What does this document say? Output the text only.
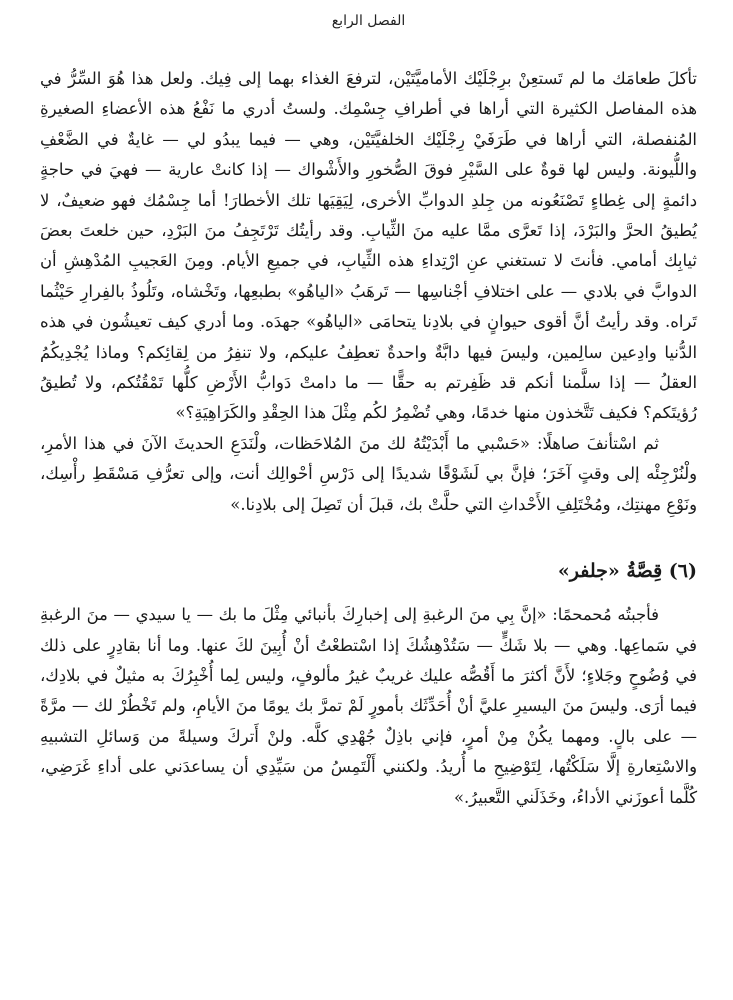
الفصل الرابع

تأكلَ طعامَك ما لم تَستعِنْ برِجْلَيْك الأماميَّتَيْن، لترفعَ الغذاء بهما إلى فِيك. ولعل هذا هُوَ السِّرُّ في هذه المفاصل الكثيرة التي أراها في أطرافِ جِسْمِك. ولستُ أدري ما نَفْعُ هذه الأعضاءِ الصغيرةِ المُنفصلة، التي أراها في طَرَفَيْ رِجْلَيْك الخلفيَّتَيْن، وهي — فيما يبدُو لي — غايةٌ في الضَّعْفِ واللُّيونة. وليس لها قوةٌ على السَّيْرِ فوقَ الصُّخورِ والأَشْواك — إذا كانتْ عارية — فهيَ في حاجةٍ دائمةٍ إلى غِطاءٍ تَصْنَعُونه من جِلدِ الدوابِّ الأخرى، لِيَقِيَها تلك الأخطارَ! أما جِسْمُك فهو ضعيفٌ، لا يُطيقُ الحرَّ والبَرْدَ، إذا تَعرَّى ممَّا عليه منَ الثِّيابِ. وقد رأيتُك تَرْتَجِفُ منَ البَرْدِ، حين خلعتَ بعضَ ثيابِك أمامي. فأنتَ لا تستغني عنِ ارْتِداءِ هذه الثِّيابِ، في جميعِ الأيام. ومِنَ العَجيبِ المُدْهِشِ أن الدوابَّ في بلادي — على اختلافِ أجْناسِها — تَرهَبُ «الياهُو» بطبعِها، وتَخْشاه، وتَلُوذُ بالفِرارِ حَيْثُما تَراه. وقد رأيتُ أنَّ أقوى حيوانٍ في بلادِنا يتحامَى «الياهُو» جهدَه. وما أدري كيف تعيشُون في هذه الدُّنيا وادِعين سالِمين، وليسَ فيها دابَّةٌ واحدةٌ تعطِفُ عليكم، ولا تنفِرُ من لِقائِكم؟ وماذا يُجْدِيكُمُ العقلُ — إذا سلَّمنا أنكم قد ظَفِرتم به حقًّا — ما دامتْ دَوابُّ الأَرْضِ كلُّها تَمْقُتُكم، ولا تُطيقُ رُؤيتَكم؟ فكيف تَتَّخذون منها خدمًا، وهي تُضْمِرُ لكُم مِثْلَ هذا الحِقْدِ والكَرَاهِيَةِ؟»

ثم اسْتأنفَ صاهلًا: «حَسْبي ما أَبْدَيْتُهُ لك منَ المُلاحَظات، ولْنَدَعِ الحديثَ الآنَ في هذا الأمرِ، ولْنُرْجِئْه إلى وقتٍ آخَرَ؛ فإنَّ بي لَشَوْقًا شديدًا إلى دَرْسِ أحْوالِك أنت، وإلى تعرُّفِ مَسْقَطِ رأْسِك، ونَوْعِ مهنتِك، ومُخْتَلِفِ الأَحْداثِ التي حلَّتْ بك، قبلَ أن تَصِلَ إلى بلادِنا.»

(٦) قِصَّةُ «جلفر»

فأجبتُه مُحمحمًا: «إنَّ بِي منَ الرغبةِ إلى إخبارِكَ بأنبائي مِثْلَ ما بك — يا سيدي — منَ الرغبةِ في سَماعِها. وهي — بلا شَكٍّ — سَتُدْهِشُكَ إذا اسْتطعْتُ أنْ أُبِينَ لكَ عنها. وما أنا بقادِرٍ على ذلك في وُضُوحٍ وجَلاءٍ؛ لأَنَّ أكثرَ ما أَقُصُّه عليك غريبٌ غيرُ مألوفٍ، وليس لِما أُخْبِرُكَ به مثيلٌ في بلادِك، فيما أرَى. وليسَ منَ اليسيرِ عليَّ أنْ أُحَدِّثَك بأمورٍ لَمْ تمرَّ بك يومًا منَ الأيامِ، ولم تَخْطُرْ لك — مرَّةً — على بالٍ. ومهما يكُنْ مِنْ أمرٍ، فإني باذِلٌ جُهْدِي كلَّه. ولنْ أَتركَ وسيلةً من وَسائلِ التشبيهِ والاسْتِعارةِ إلَّا سَلَكْتُها، لِتَوْضِيحِ ما أُريدُ. ولكنني أَلْتَمِسُ من سَيِّدِي أن يساعدَني على أداءِ غَرَضِي، كُلَّما أعوزَني الأداءُ، وخَذَلَني التَّعبيرُ.»
